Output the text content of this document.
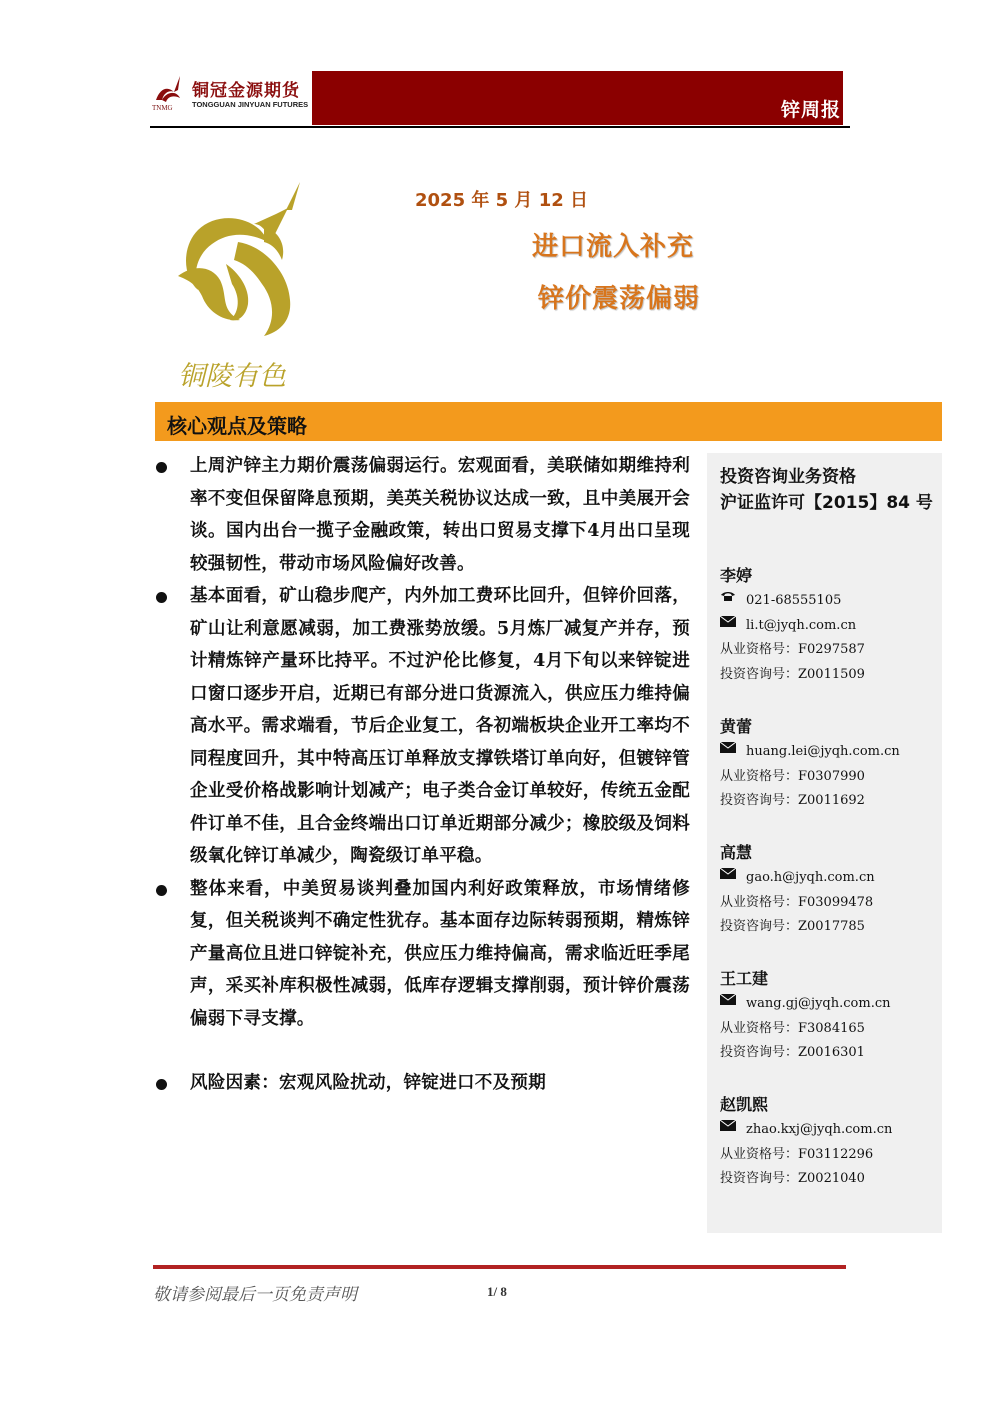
TNMG
铜冠金源期货
TONGGUAN JINYUAN FUTURES	锌周报
铜陵有色
2025 年 5 月 12 日
进口流入补充
锌价震荡偏弱
核心观点及策略
上周沪锌主力期价震荡偏弱运行。宏观面看，美联储如期维持利率不变但保留降息预期，美英关税协议达成一致，且中美展开会谈。国内出台一揽子金融政策，转出口贸易支撑下4月出口呈现较强韧性，带动市场风险偏好改善。
基本面看，矿山稳步爬产，内外加工费环比回升，但锌价回落，矿山让利意愿减弱，加工费涨势放缓。5月炼厂减复产并存，预计精炼锌产量环比持平。不过沪伦比修复，4月下旬以来锌锭进口窗口逐步开启，近期已有部分进口货源流入，供应压力维持偏高水平。需求端看，节后企业复工，各初端板块企业开工率均不同程度回升，其中特高压订单释放支撑铁塔订单向好，但镀锌管企业受价格战影响计划减产；电子类合金订单较好，传统五金配件订单不佳，且合金终端出口订单近期部分减少；橡胶级及饲料级氧化锌订单减少，陶瓷级订单平稳。
整体来看，中美贸易谈判叠加国内利好政策释放，市场情绪修复，但关税谈判不确定性犹存。基本面存边际转弱预期，精炼锌产量高位且进口锌锭补充，供应压力维持偏高，需求临近旺季尾声，采买补库积极性减弱，低库存逻辑支撑削弱，预计锌价震荡偏弱下寻支撑。
风险因素：宏观风险扰动，锌锭进口不及预期
投资咨询业务资格
沪证监许可【2015】84 号
李婷
021-68555105
li.t@jyqh.com.cn
从业资格号：F0297587
投资咨询号：Z0011509
黄蕾
huang.lei@jyqh.com.cn
从业资格号：F0307990
投资咨询号：Z0011692
高慧
gao.h@jyqh.com.cn
从业资格号：F03099478
投资咨询号：Z0017785
王工建
wang.gj@jyqh.com.cn
从业资格号：F3084165
投资咨询号：Z0016301
赵凯熙
zhao.kxj@jyqh.com.cn
从业资格号：F03112296
投资咨询号：Z0021040
敬请参阅最后一页免责声明	1/ 8
